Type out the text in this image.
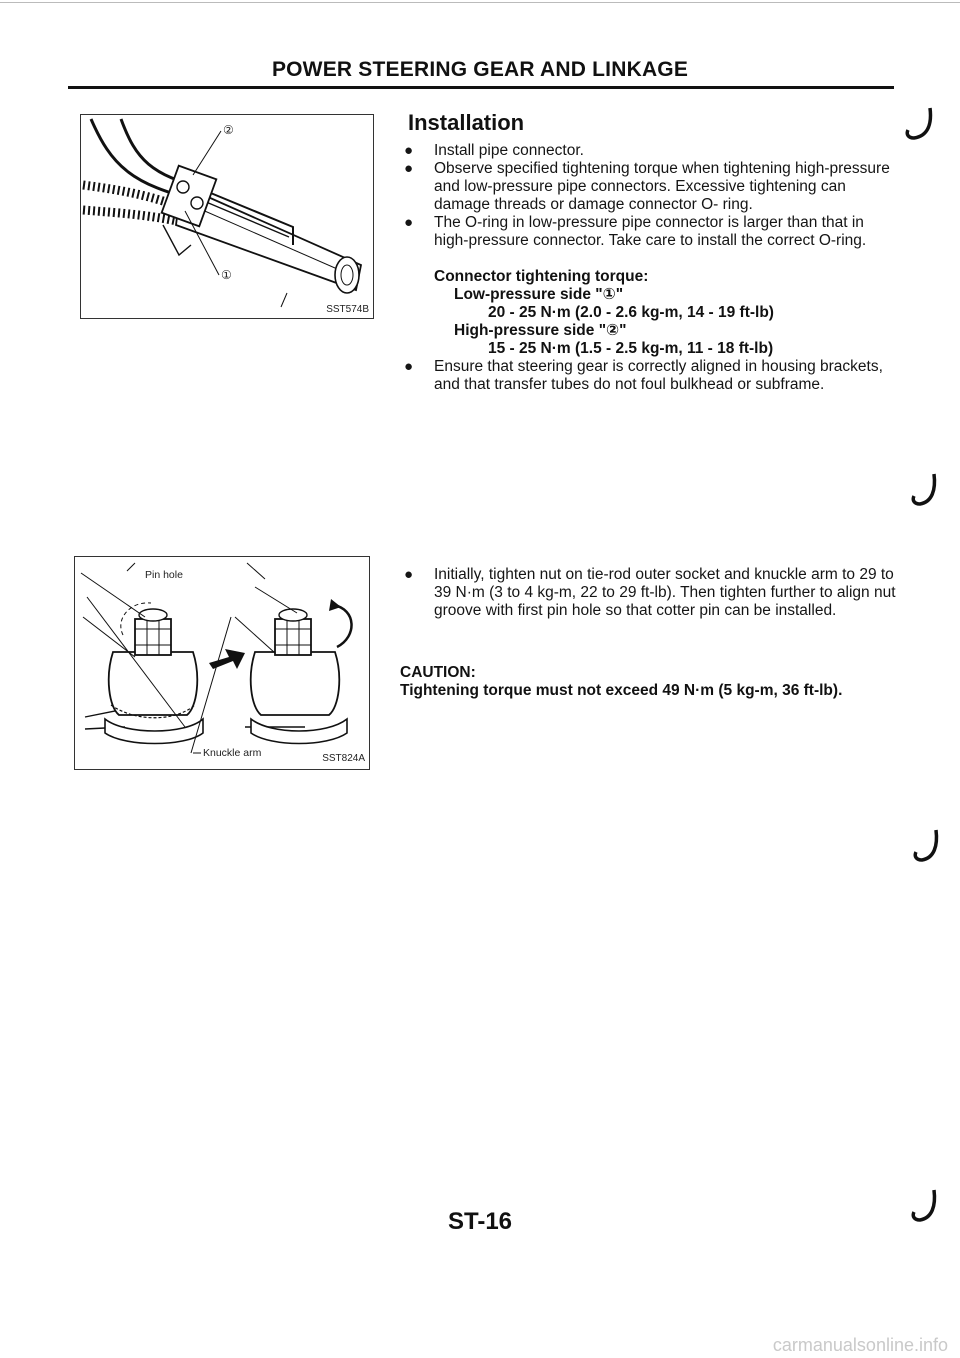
POWER STEERING GEAR AND LINKAGE
②
①
SST574B
Installation
● Install pipe connector.
● Observe specified tightening torque when tightening high-pressure and low-pressure pipe connectors. Excessive tightening can damage threads or damage connector O- ring.
● The O-ring in low-pressure pipe connector is larger than that in high-pressure connector. Take care to install the correct O-ring.
Connector tightening torque:
Low-pressure side "①"
20 - 25 N·m (2.0 - 2.6 kg-m, 14 - 19 ft-lb)
High-pressure side "②"
15 - 25 N·m (1.5 - 2.5 kg-m, 11 - 18 ft-lb)
● Ensure that steering gear is correctly aligned in housing brackets, and that transfer tubes do not foul bulkhead or subframe.
Pin hole
Knuckle arm	SST824A
● Initially, tighten nut on tie-rod outer socket and knuckle arm to 29 to 39 N·m (3 to 4 kg-m, 22 to 29 ft-lb). Then tighten further to align nut groove with first pin hole so that cotter pin can be installed.
CAUTION:
Tightening torque must not exceed 49 N·m (5 kg-m, 36 ft-lb).
ST-16
carmanualsonline.info
